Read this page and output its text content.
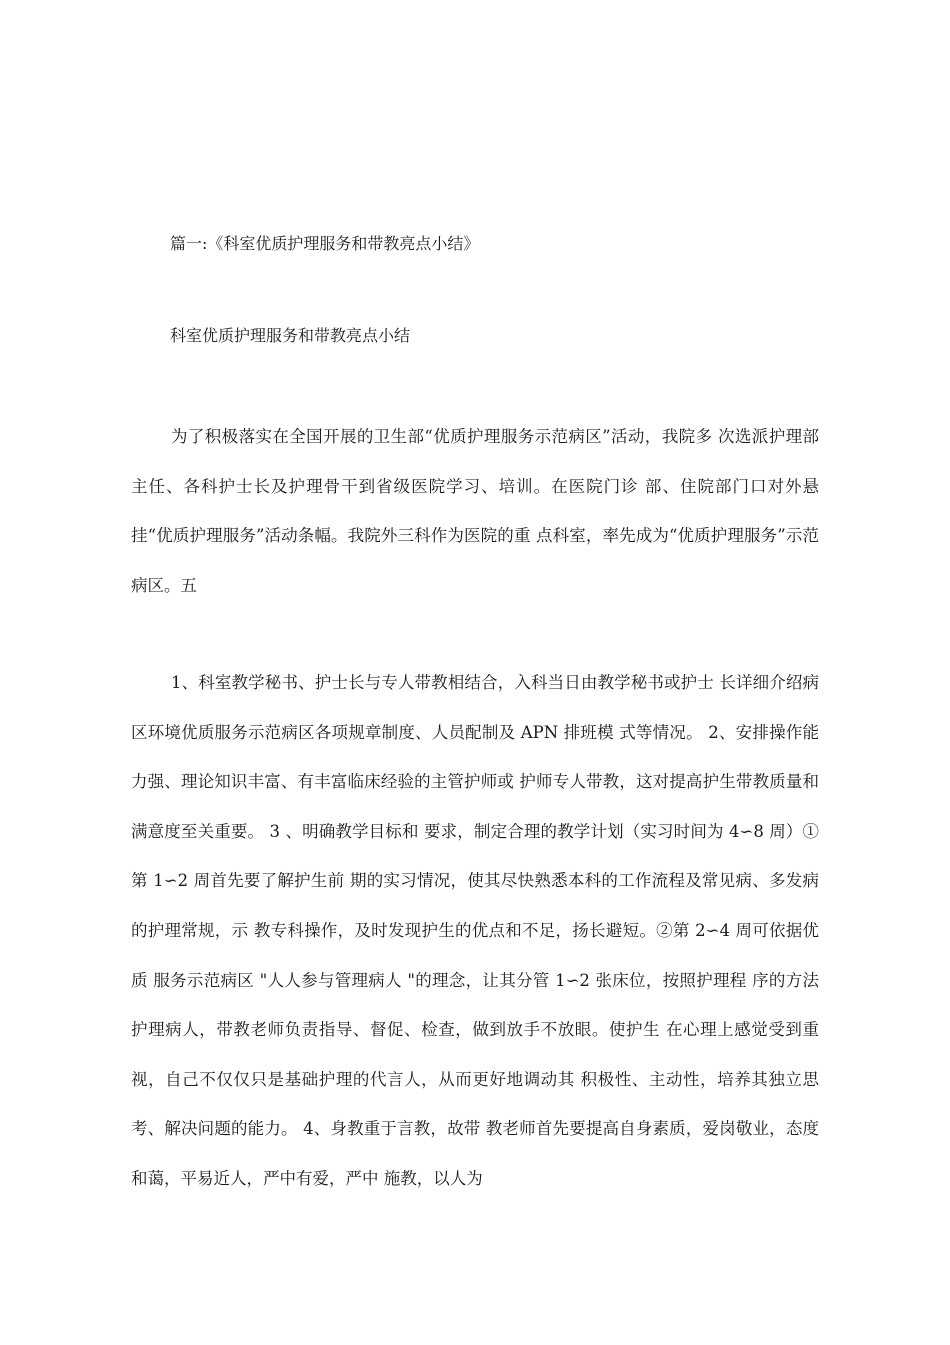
篇一:《科室优质护理服务和带教亮点小结》
科室优质护理服务和带教亮点小结

为了积极落实在全国开展的卫生部“优质护理服务示范病区”活动，我院多 次选派护理部主任、各科护士长及护理骨干到省级医院学习、培训。在医院门诊 部、住院部门口对外悬挂“优质护理服务”活动条幅。我院外三科作为医院的重 点科室，率先成为“优质护理服务”示范病区。五

1、科室教学秘书、护士长与专人带教相结合，入科当日由教学秘书或护士 长详细介绍病区环境优质服务示范病区各项规章制度、人员配制及 APN 排班模 式等情况。 2、安排操作能力强、理论知识丰富、有丰富临床经验的主管护师或 护师专人带教，这对提高护生带教质量和满意度至关重要。 3 、明确教学目标和 要求，制定合理的教学计划（实习时间为 4∽8 周）①第 1∽2 周首先要了解护生前 期的实习情况，使其尽快熟悉本科的工作流程及常见病、多发病的护理常规，示 教专科操作，及时发现护生的优点和不足，扬长避短。②第 2∽4 周可依据优质 服务示范病区 "人人参与管理病人 "的理念，让其分管 1∽2 张床位，按照护理程 序的方法护理病人，带教老师负责指导、督促、检查，做到放手不放眼。使护生 在心理上感觉受到重视，自己不仅仅只是基础护理的代言人，从而更好地调动其 积极性、主动性，培养其独立思考、解决问题的能力。 4、身教重于言教，故带 教老师首先要提高自身素质，爱岗敬业，态度和蔼，平易近人，严中有爱，严中 施教，以人为
